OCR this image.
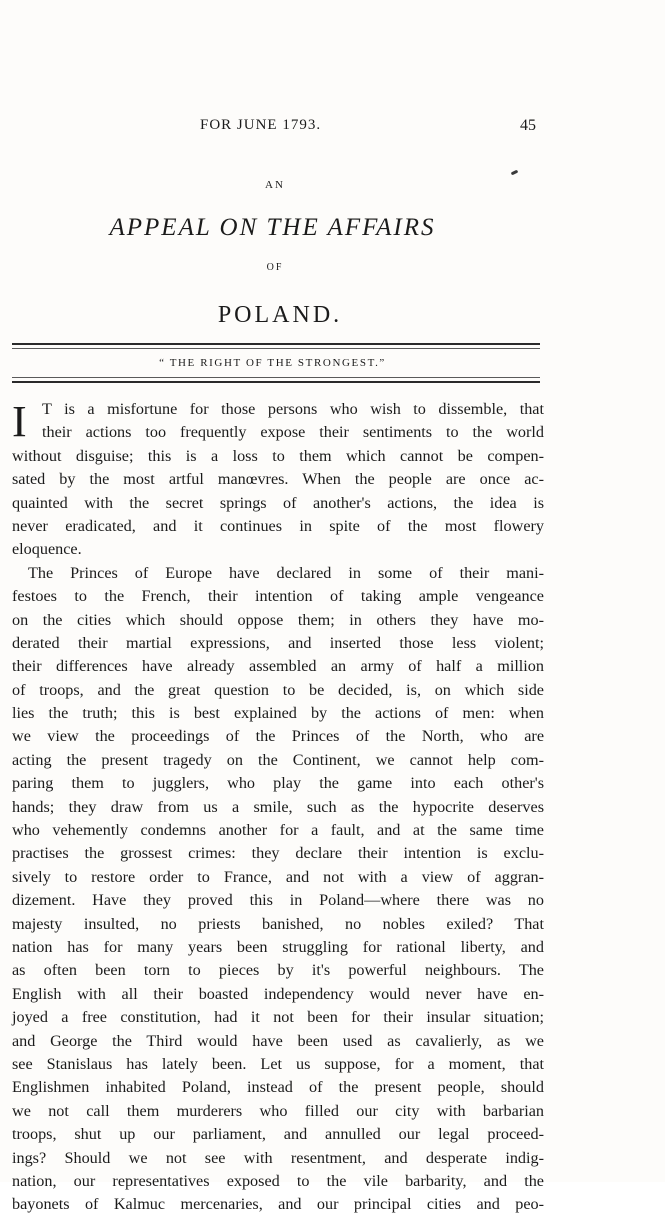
FOR JUNE 1793.	45
AN
APPEAL ON THE AFFAIRS
OF
POLAND.
“ THE RIGHT OF THE STRONGEST.”
I T is a misfortune for those persons who wish to dissemble, that
their actions too frequently expose their sentiments to the world
without disguise; this is a loss to them which cannot be compen-
sated by the most artful manœvres. When the people are once ac-
quainted with the secret springs of another's actions, the idea is
never eradicated, and it continues in spite of the most flowery
eloquence.
The Princes of Europe have declared in some of their mani-
festoes to the French, their intention of taking ample vengeance
on the cities which should oppose them; in others they have mo-
derated their martial expressions, and inserted those less violent;
their differences have already assembled an army of half a million
of troops, and the great question to be decided, is, on which side
lies the truth; this is best explained by the actions of men: when
we view the proceedings of the Princes of the North, who are
acting the present tragedy on the Continent, we cannot help com-
paring them to jugglers, who play the game into each other's
hands; they draw from us a smile, such as the hypocrite deserves
who vehemently condemns another for a fault, and at the same time
practises the grossest crimes: they declare their intention is exclu-
sively to restore order to France, and not with a view of aggran-
dizement. Have they proved this in Poland—where there was no
majesty insulted, no priests banished, no nobles exiled? That
nation has for many years been struggling for rational liberty, and
as often been torn to pieces by it's powerful neighbours. The
English with all their boasted independency would never have en-
joyed a free constitution, had it not been for their insular situation;
and George the Third would have been used as cavalierly, as we
see Stanislaus has lately been. Let us suppose, for a moment, that
Englishmen inhabited Poland, instead of the present people, should
we not call them murderers who filled our city with barbarian
troops, shut up our parliament, and annulled our legal proceed-
ings? Should we not see with resentment, and desperate indig-
nation, our representatives exposed to the vile barbarity, and the
bayonets of Kalmuc mercenaries, and our principal cities and peo-
